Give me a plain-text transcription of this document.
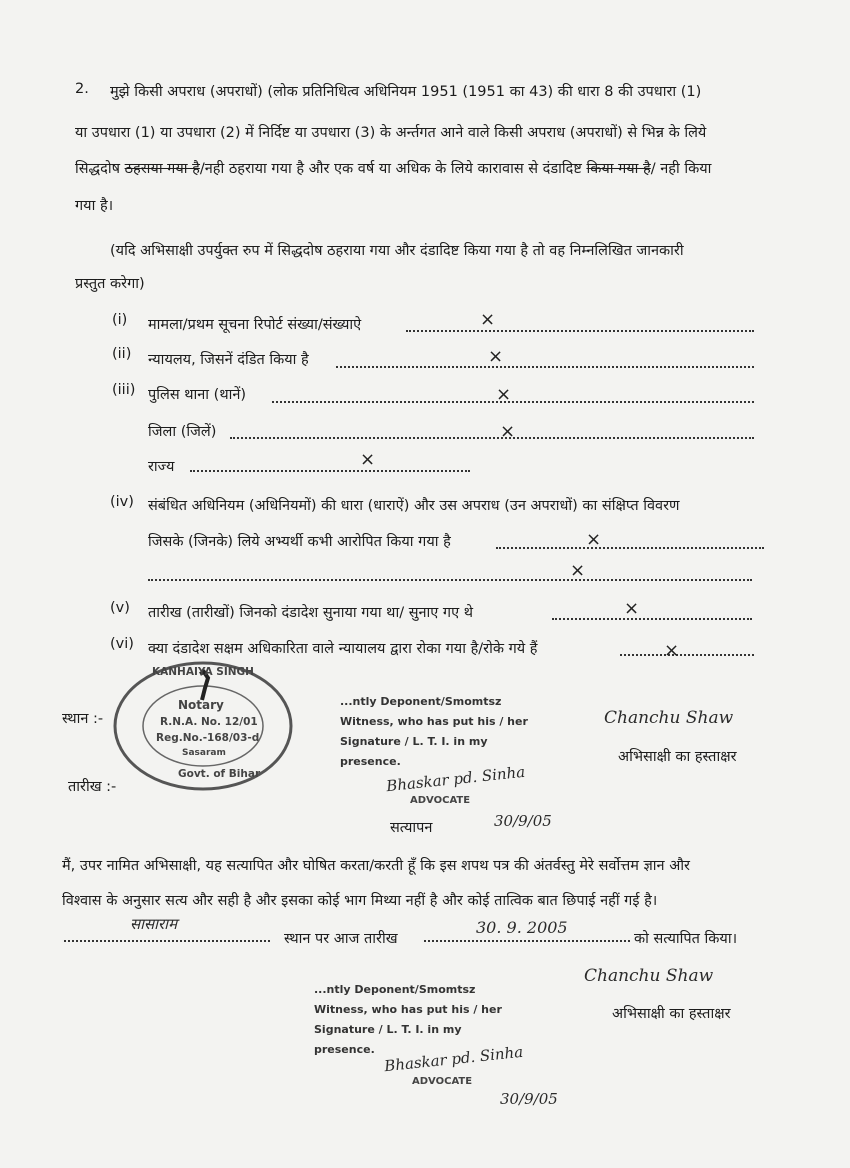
2. मुझे किसी अपराध (अपराधों) (लोक प्रतिनिधित्व अधिनियम 1951 (1951 का 43) की धारा 8 की उपधारा (1)
या उपधारा (1) या उपधारा (2) में निर्दिष्ट या उपधारा (3) के अर्न्तगत आने वाले किसी अपराध (अपराधों) से भिन्न के लिये
सिद्धदोष ठहराया गया है/नही ठहराया गया है और एक वर्ष या अधिक के लिये कारावास से दंडादिष्ट किया गया है/ नही किया
गया है।
(यदि अभिसाक्षी उपर्युक्त रुप में सिद्धदोष ठहराया गया और दंडादिष्ट किया गया है तो वह निम्नलिखित जानकारी
प्रस्तुत करेगा)
(i) मामला/प्रथम सूचना रिपोर्ट संख्या/संख्याऐ	×
(ii) न्यायलय, जिसनें दंडित किया है	×
(iii) पुलिस थाना (थानें)	×
जिला (जिलें)	×
राज्य	×
(iv) संबंधित अधिनियम (अधिनियमों) की धारा (धाराऐं) और उस अपराध (उन अपराधों) का संक्षिप्त विवरण
जिसके (जिनके) लिये अभ्यर्थी कभी आरोपित किया गया है	×
×
(v) तारीख (तारीखों) जिनको दंडादेश सुनाया गया था/ सुनाए गए थे	×
(vi) क्या दंडादेश सक्षम अधिकारिता वाले न्यायालय द्वारा रोका गया है/रोके गये हैं	×
KANHAIYA SINGH
Notary
R.N.A. No. 12/01
Reg.No.-168/03-d
Sasaram
Govt. of Bihar
स्थान :-
तारीख :-
...ntly Deponent/Smomtsz
Witness, who has put his / her
Signature / L. T. I. in my
presence.
Chanchu Shaw
अभिसाक्षी का हस्ताक्षर
Bhaskar pd. Sinha
ADVOCATE
30/9/05
सत्यापन
मैं, उपर नामित अभिसाक्षी, यह सत्यापित और घोषित करता/करती हूँ कि इस शपथ पत्र की अंतर्वस्तु मेरे सर्वोत्तम ज्ञान और
विश्वास के अनुसार सत्य और सही है और इसका कोई भाग मिथ्या नहीं है और कोई तात्विक बात छिपाई नहीं गई है।
सासाराम
स्थान पर आज तारीख
30. 9. 2005
को सत्यापित किया।
...ntly Deponent/Smomtsz
Witness, who has put his / her
Signature / L. T. I. in my
presence.
Chanchu Shaw
अभिसाक्षी का हस्ताक्षर
Bhaskar pd. Sinha
ADVOCATE
30/9/05
